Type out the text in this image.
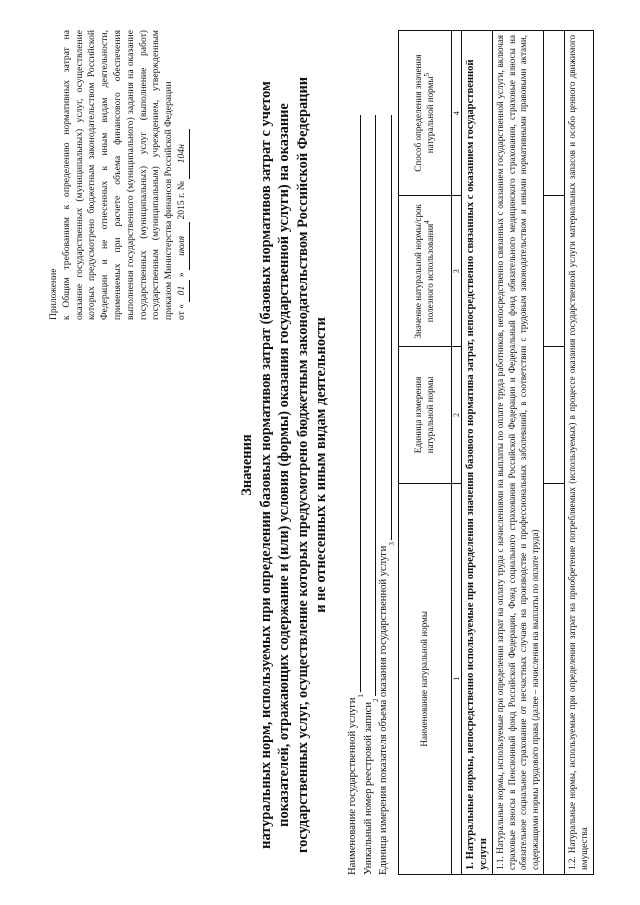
Приложение к Общим требованиям к определению нормативных затрат на оказание государственных (муниципальных) услуг, осуществление которых предусмотрено бюджетным законодательством Российской Федерации и не отнесенных к иным видам деятельности, применяемых при расчете объема финансового обеспечения выполнения государственного (муниципального) задания на оказание государственных (муниципальных) услуг (выполнение работ) государственным (муниципальным) учреждением, утвержденным приказом Министерства финансов Российской Федерации от « 01 » июля 2015 г. № 104н
Значения натуральных норм, используемых при определении базовых нормативов затрат (базовых нормативов затрат с учетом показателей, отражающих содержание и (или) условия (формы) оказания государственной услуги) на оказание государственных услуг, осуществление которых предусмотрено бюджетным законодательством Российской Федерации и не отнесенных к иным видам деятельности
Наименование государственной услуги
1
Уникальный номер реестровой записи
2
Единица измерения показателя объема оказания государственной услуги
3
Наименование натуральной нормы	Единица измерения натуральной нормы	Значение натуральной нормы/срок полезного использования$^4$	Способ определения значения натуральной нормы$^5$
1	2	3	4
1. Натуральные нормы, непосредственно используемые при определении значения базового норматива затрат, непосредственно связанных с оказанием государственной услуги			
1.1. Натуральные нормы, используемые при определении затрат на оплату труда с начислениями на выплаты по оплате труда работников, непосредственно связанных с оказанием государственной услуги, включая страховые взносы в Пенсионный фонд Российской Федерации, Фонд социального страхования Российской Федерации и Федеральный фонд обязательного медицинского страхования, страховые взносы на обязательное социальное страхование от несчастных случаев на производстве и профессиональных заболеваний, в соответствии с трудовым законодательством и иными нормативными правовыми актами, содержащими нормы трудового права (далее – начисления на выплаты по оплате труда)			

1.2. Натуральные нормы, используемые при определении затрат на приобретение потребляемых (используемых) в процессе оказания государственной услуги материальных запасов и особо ценного движимого имущества			
